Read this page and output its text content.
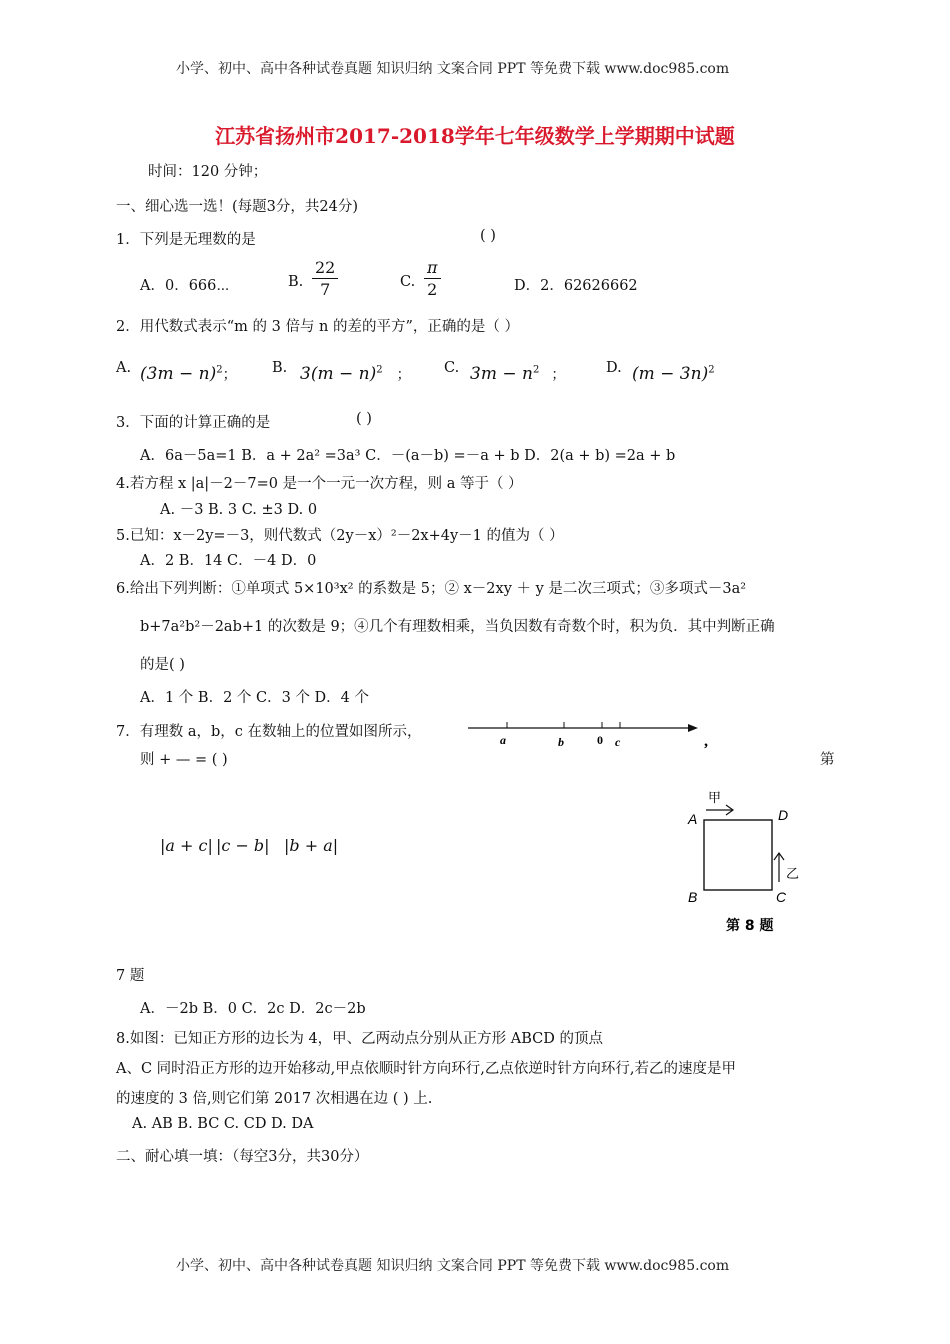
小学、初中、高中各种试卷真题 知识归纳 文案合同 PPT 等免费下载 www.doc985.com
小学、初中、高中各种试卷真题 知识归纳 文案合同 PPT 等免费下载 www.doc985.com
江苏省扬州市2017-2018学年七年级数学上学期期中试题
时间：120 分钟；
一、细心选一选！(每题3分，共24分)
1．下列是无理数的是	( )
A．0．666⋯	B. $\frac{22}{7}$	C. $\frac{\pi}{2}$	D．2．62626662
2．用代数式表示“m 的 3 倍与 n 的差的平方”，正确的是（ ）
A. $(3m - n)^2$； B. $3(m - n)^2$ ； C. $3m - n^2$ ；	D. $(m - 3n)^2$
3．下面的计算正确的是	( )
A．6a－5a=1 B．a + 2a² =3a³ C．－(a－b) =－a + b D．2(a + b) =2a + b
4.若方程 x |a|－2－7=0 是一个一元一次方程，则 a 等于（ ）
A. －3 B. 3 C. ±3 D. 0
5.已知：x－2y=－3，则代数式（2y－x）²－2x+4y－1 的值为（ ）
A．2 B．14 C．－4 D．0
6.给出下列判断：①单项式 5×10³x² 的系数是 5；② x－2xy ＋ y 是二次三项式；③多项式－3a²
b+7a²b²－2ab+1 的次数是 9；④几个有理数相乘，当负因数有奇数个时，积为负．其中判断正确
的是( )
A．1 个 B．2 个 C．3 个 D．4 个
7．有理数 a，b，c 在数轴上的位置如图所示，	a	b	0 c	,
则 + — = ( )	第
|a + c| |c − b| |b + a|
7 题
A．－2b B．0 C．2c D．2c－2b
A	D
B	C
甲
乙
第 8 题
8.如图：已知正方形的边长为 4，甲、乙两动点分别从正方形 ABCD 的顶点
A、C 同时沿正方形的边开始移动,甲点依顺时针方向环行,乙点依逆时针方向环行,若乙的速度是甲
的速度的 3 倍,则它们第 2017 次相遇在边 ( ) 上.
A. AB B. BC C. CD D. DA
二、耐心填一填：（每空3分，共30分）
